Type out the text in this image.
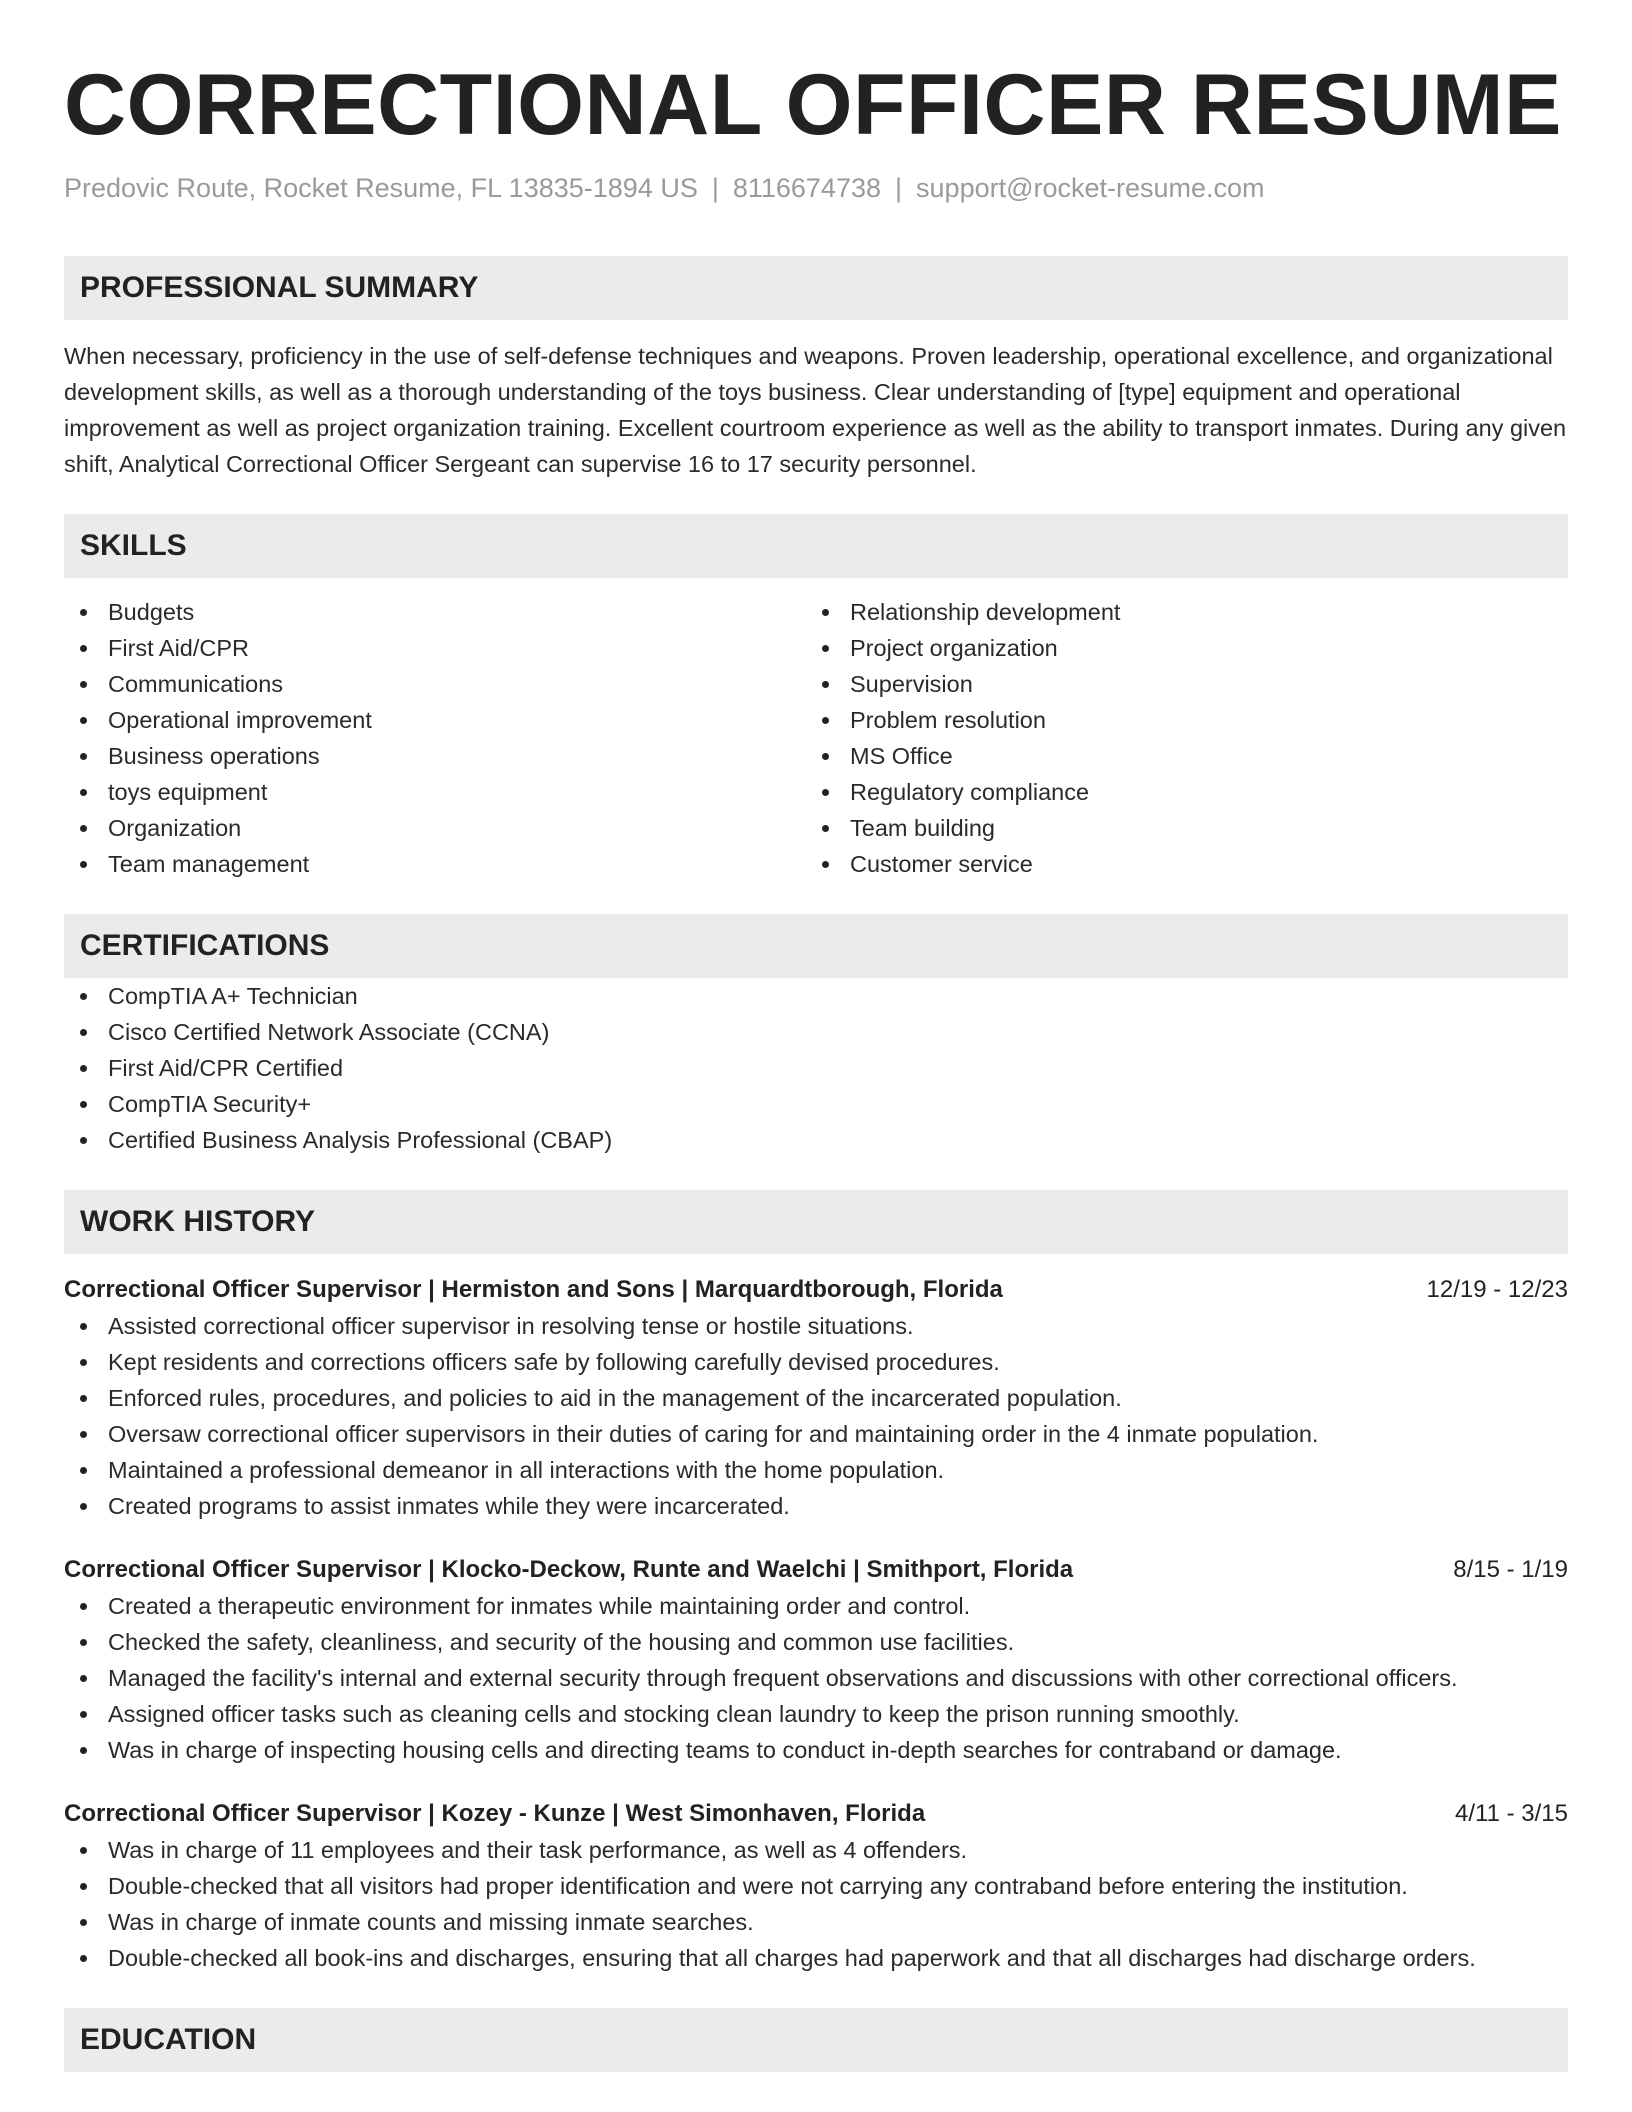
CORRECTIONAL OFFICER RESUME
Predovic Route, Rocket Resume, FL 13835-1894 US | 8116674738 | support@rocket-resume.com
PROFESSIONAL SUMMARY

When necessary, proficiency in the use of self-defense techniques and weapons. Proven leadership, operational excellence, and organizational development skills, as well as a thorough understanding of the toys business. Clear understanding of [type] equipment and operational improvement as well as project organization training. Excellent courtroom experience as well as the ability to transport inmates. During any given shift, Analytical Correctional Officer Sergeant can supervise 16 to 17 security personnel.

SKILLS
Budgets
First Aid/CPR
Communications
Operational improvement
Business operations
toys equipment
Organization
Team management
Relationship development
Project organization
Supervision
Problem resolution
MS Office
Regulatory compliance
Team building
Customer service
CERTIFICATIONS
CompTIA A+ Technician
Cisco Certified Network Associate (CCNA)
First Aid/CPR Certified
CompTIA Security+
Certified Business Analysis Professional (CBAP)
WORK HISTORY
Correctional Officer Supervisor | Hermiston and Sons | Marquardtborough, Florida	12/19 - 12/23
Assisted correctional officer supervisor in resolving tense or hostile situations.
Kept residents and corrections officers safe by following carefully devised procedures.
Enforced rules, procedures, and policies to aid in the management of the incarcerated population.
Oversaw correctional officer supervisors in their duties of caring for and maintaining order in the 4 inmate population.
Maintained a professional demeanor in all interactions with the home population.
Created programs to assist inmates while they were incarcerated.
Correctional Officer Supervisor | Klocko-Deckow, Runte and Waelchi | Smithport, Florida	8/15 - 1/19
Created a therapeutic environment for inmates while maintaining order and control.
Checked the safety, cleanliness, and security of the housing and common use facilities.
Managed the facility's internal and external security through frequent observations and discussions with other correctional officers.
Assigned officer tasks such as cleaning cells and stocking clean laundry to keep the prison running smoothly.
Was in charge of inspecting housing cells and directing teams to conduct in-depth searches for contraband or damage.
Correctional Officer Supervisor | Kozey - Kunze | West Simonhaven, Florida	4/11 - 3/15
Was in charge of 11 employees and their task performance, as well as 4 offenders.
Double-checked that all visitors had proper identification and were not carrying any contraband before entering the institution.
Was in charge of inmate counts and missing inmate searches.
Double-checked all book-ins and discharges, ensuring that all charges had paperwork and that all discharges had discharge orders.
EDUCATION
